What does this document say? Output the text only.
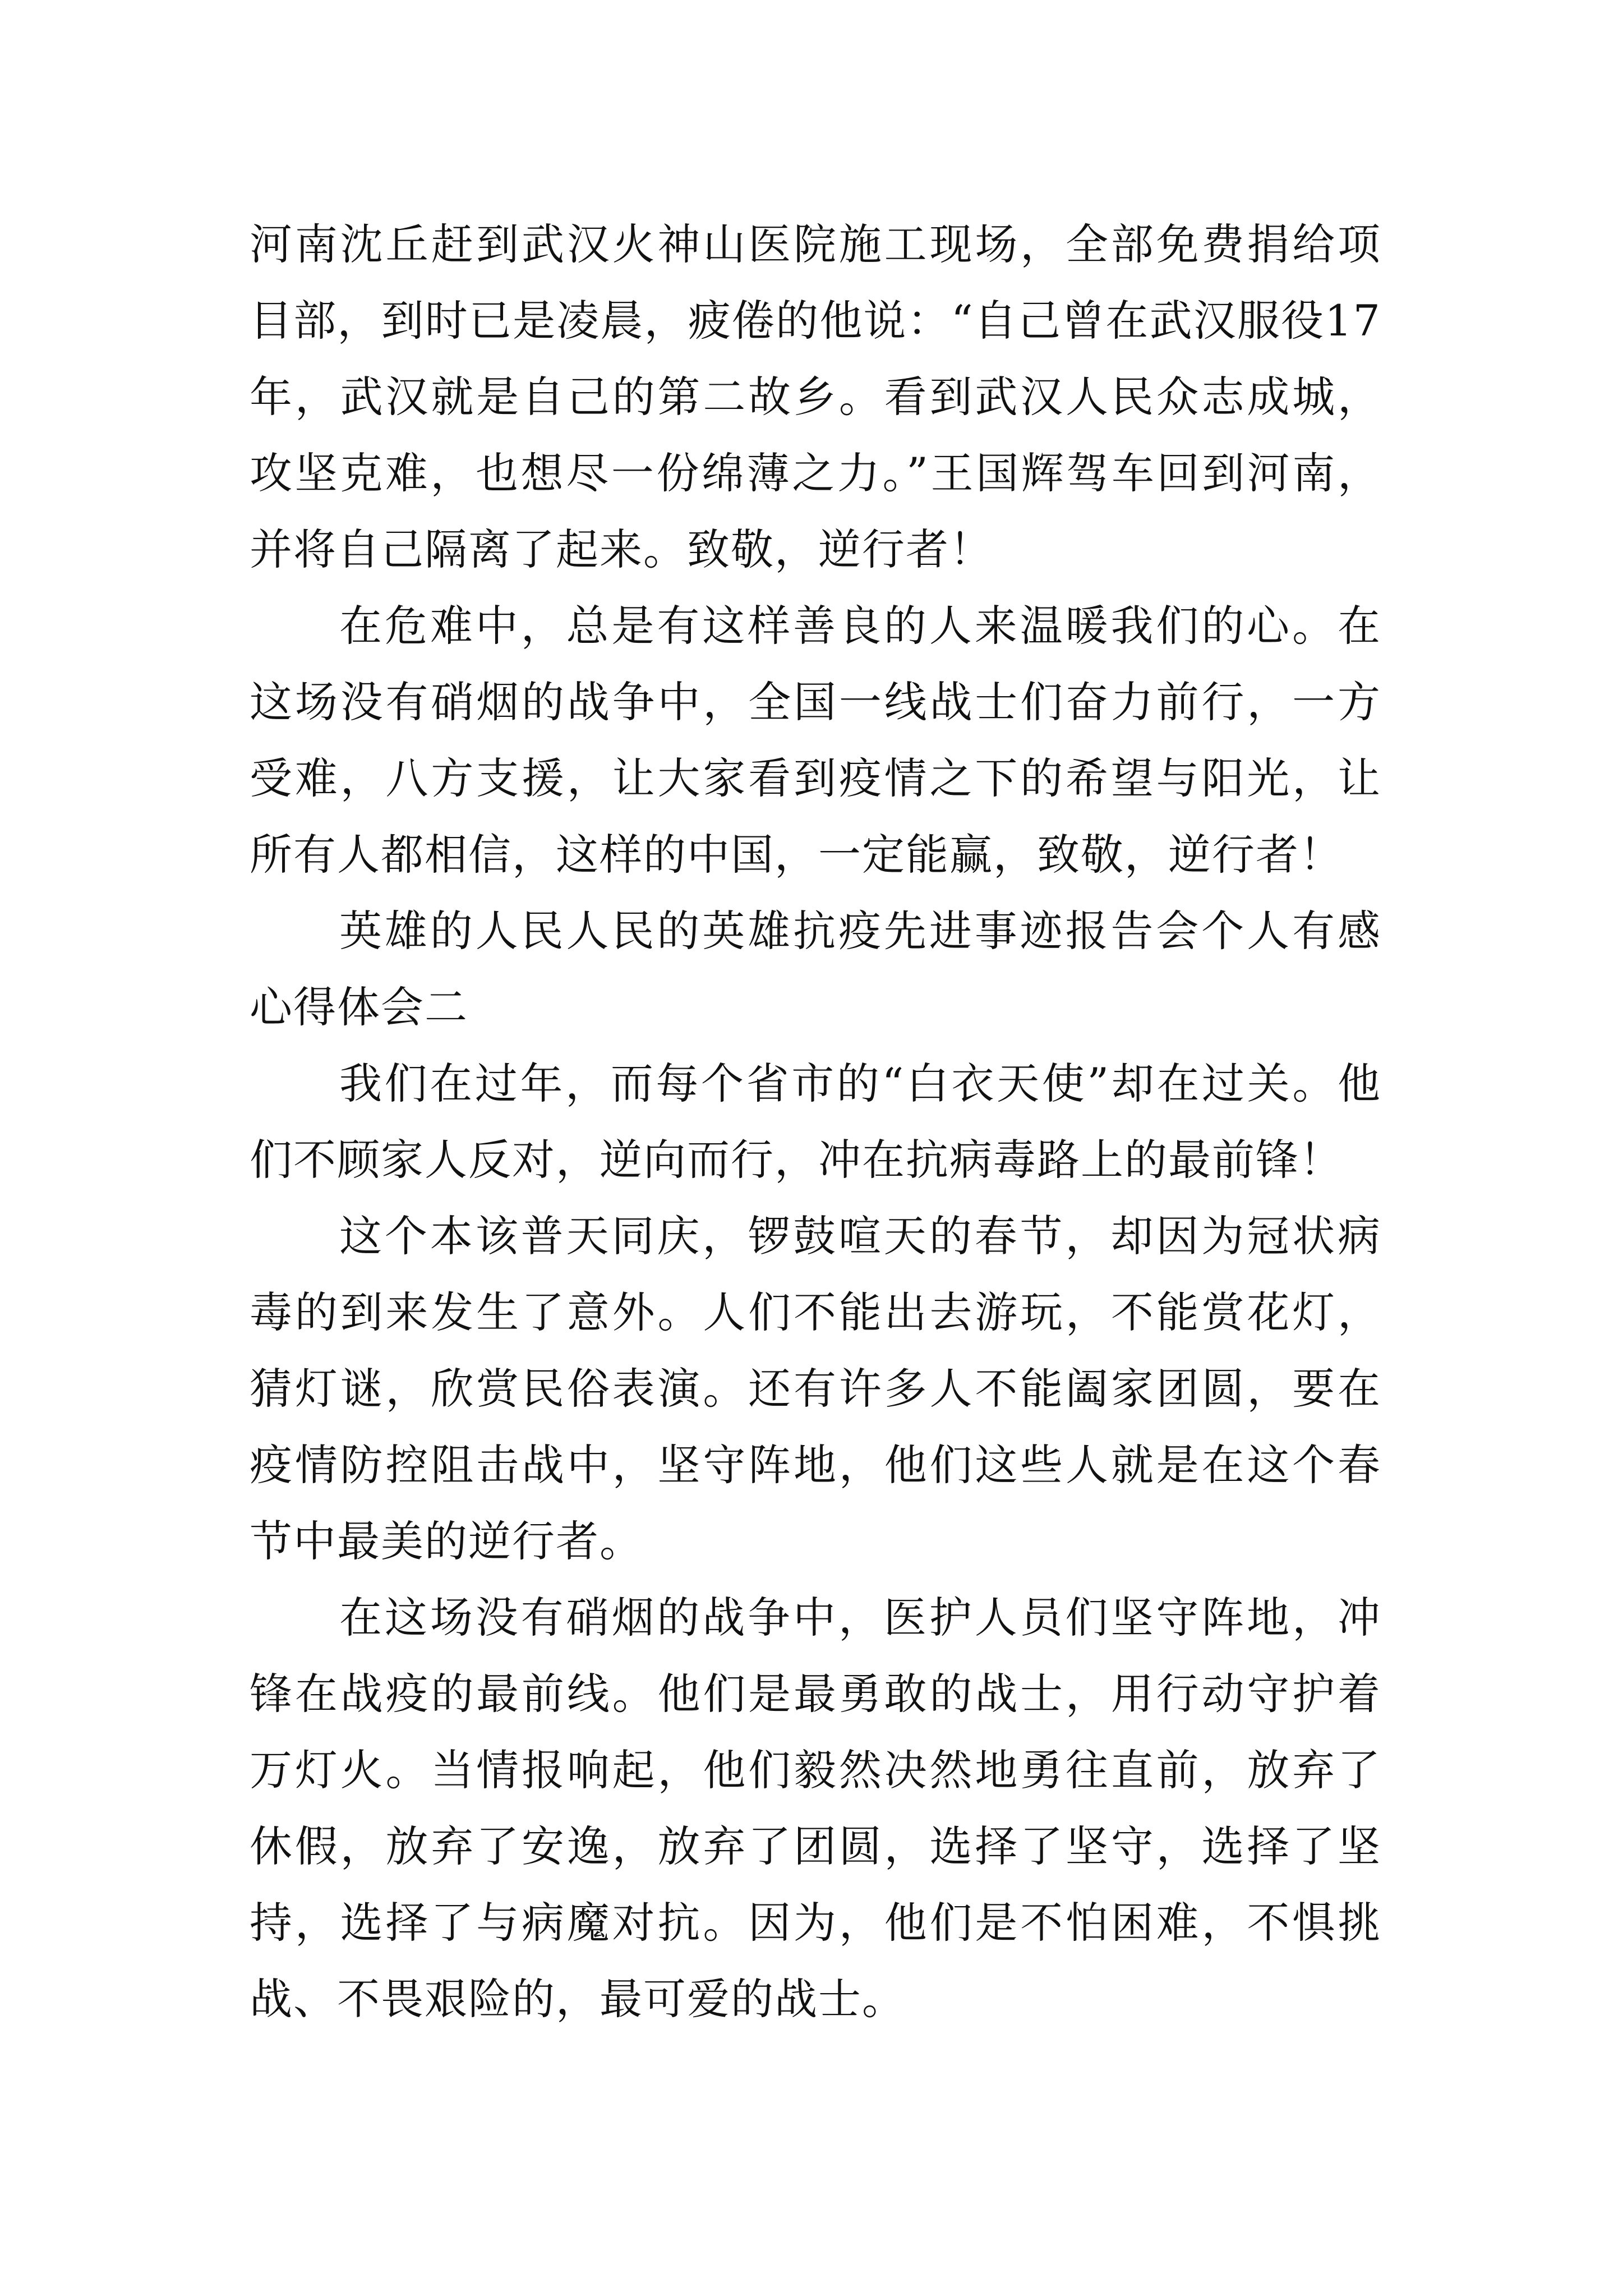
河南沈丘赶到武汉火神山医院施工现场，全部免费捐给项目部，到时已是凌晨，疲倦的他说：“自己曾在武汉服役17年，武汉就是自己的第二故乡。看到武汉人民众志成城，攻坚克难，也想尽一份绵薄之力。”王国辉驾车回到河南，并将自己隔离了起来。致敬，逆行者！

在危难中，总是有这样善良的人来温暖我们的心。在这场没有硝烟的战争中，全国一线战士们奋力前行，一方受难，八方支援，让大家看到疫情之下的希望与阳光，让所有人都相信，这样的中国，一定能赢，致敬，逆行者！

英雄的人民人民的英雄抗疫先进事迹报告会个人有感心得体会二

我们在过年，而每个省市的“白衣天使”却在过关。他们不顾家人反对，逆向而行，冲在抗病毒路上的最前锋！

这个本该普天同庆，锣鼓喧天的春节，却因为冠状病毒的到来发生了意外。人们不能出去游玩，不能赏花灯，猜灯谜，欣赏民俗表演。还有许多人不能阖家团圆，要在疫情防控阻击战中，坚守阵地，他们这些人就是在这个春节中最美的逆行者。

在这场没有硝烟的战争中，医护人员们坚守阵地，冲锋在战疫的最前线。他们是最勇敢的战士，用行动守护着万灯火。当情报响起，他们毅然决然地勇往直前，放弃了休假，放弃了安逸，放弃了团圆，选择了坚守，选择了坚持，选择了与病魔对抗。因为，他们是不怕困难，不惧挑战、不畏艰险的，最可爱的战士。
